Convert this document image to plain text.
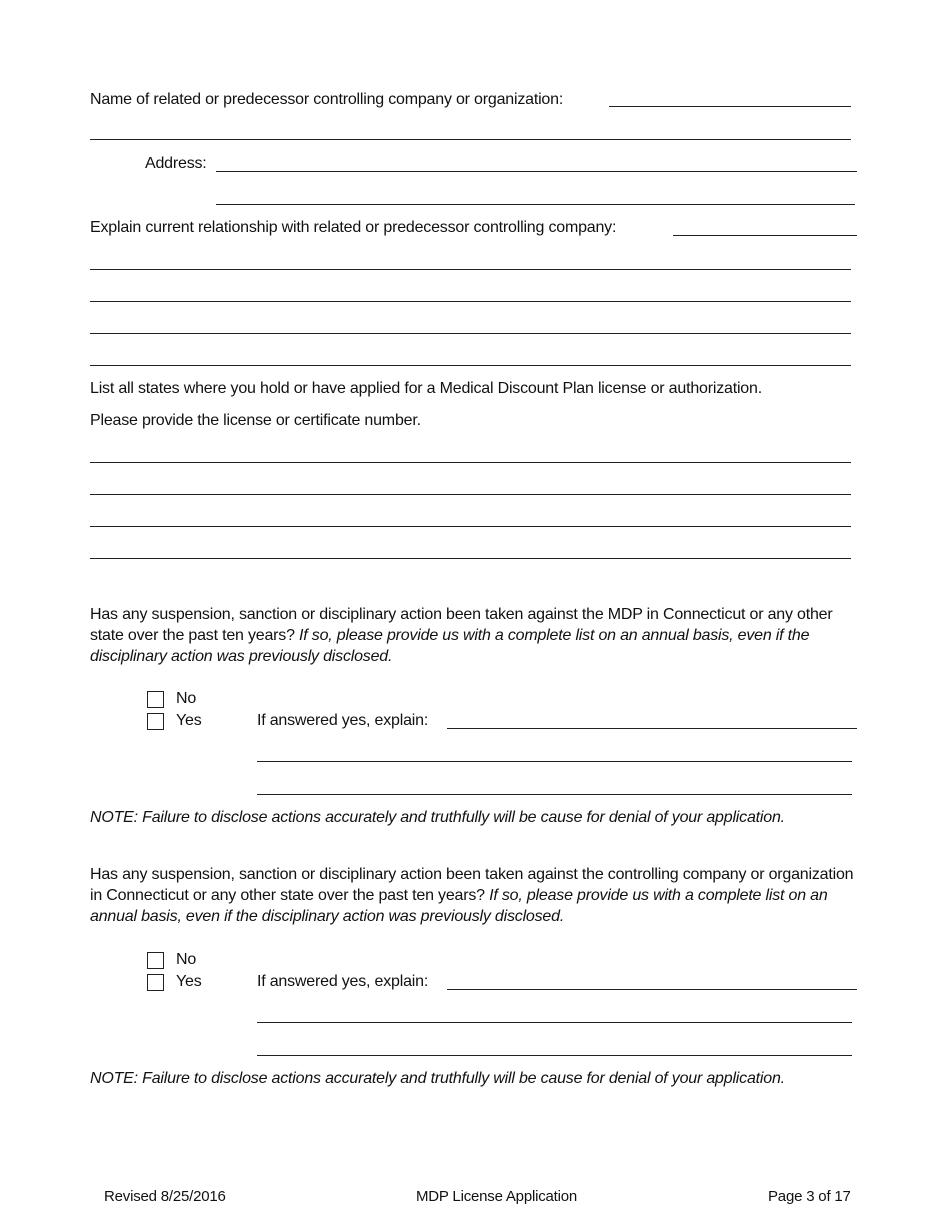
Name of related or predecessor controlling company or organization:
Address:
Explain current relationship with related or predecessor controlling company:
List all states where you hold or have applied for a Medical Discount Plan license or authorization.
Please provide the license or certificate number.
Has any suspension, sanction or disciplinary action been taken against the MDP in Connecticut or any other state over the past ten years? If so, please provide us with a complete list on an annual basis, even if the disciplinary action was previously disclosed.
No
Yes	If answered yes, explain:
NOTE: Failure to disclose actions accurately and truthfully will be cause for denial of your application.
Has any suspension, sanction or disciplinary action been taken against the controlling company or organization in Connecticut or any other state over the past ten years? If so, please provide us with a complete list on an annual basis, even if the disciplinary action was previously disclosed.
No
Yes	If answered yes, explain:
NOTE: Failure to disclose actions accurately and truthfully will be cause for denial of your application.
Revised 8/25/2016	MDP License Application	Page 3 of 17
